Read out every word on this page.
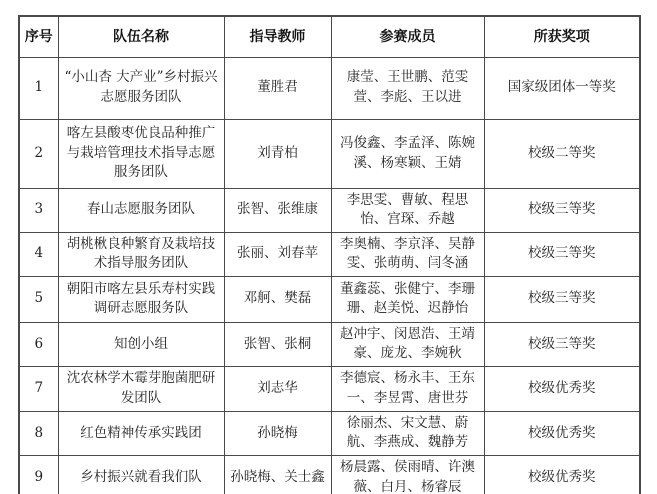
序号	队伍名称	指导教师	参赛成员	所获奖项
1	“小山杏 大产业”乡村振兴志愿服务团队	董胜君	康莹、王世鹏、范雯萱、李彪、王以进	国家级团体一等奖
2	喀左县酸枣优良品种推广与栽培管理技术指导志愿服务团队	刘青柏	冯俊鑫、李孟泽、陈婉溪、杨寒颖、王婧	校级二等奖
3	春山志愿服务团队	张智、张维康	李思雯、曹敏、程思怡、宫琛、乔越	校级三等奖
4	胡桃楸良种繁育及栽培技术指导服务团队	张丽、刘春苹	李奥楠、李京泽、吴静雯、张萌萌、闫冬涵	校级三等奖
5	朝阳市喀左县乐寿村实践调研志愿服务队	邓舸、樊磊	董鑫蕊、张健宁、李珊珊、赵美悦、迟静怡	校级三等奖
6	知创小组	张智、张桐	赵冲宇、闵恩浩、王靖豪、庞龙、李婉秋	校级三等奖
7	沈农林学木霉芽胞菌肥研发团队	刘志华	李德宸、杨永丰、王东一、李昱霄、唐世芬	校级优秀奖
8	红色精神传承实践团	孙晓梅	徐丽杰、宋文慧、蔚航、李燕成、魏静芳	校级优秀奖
9	乡村振兴就看我们队	孙晓梅、关士鑫	杨晨露、侯雨晴、许澳薇、白月、杨睿辰	校级优秀奖
